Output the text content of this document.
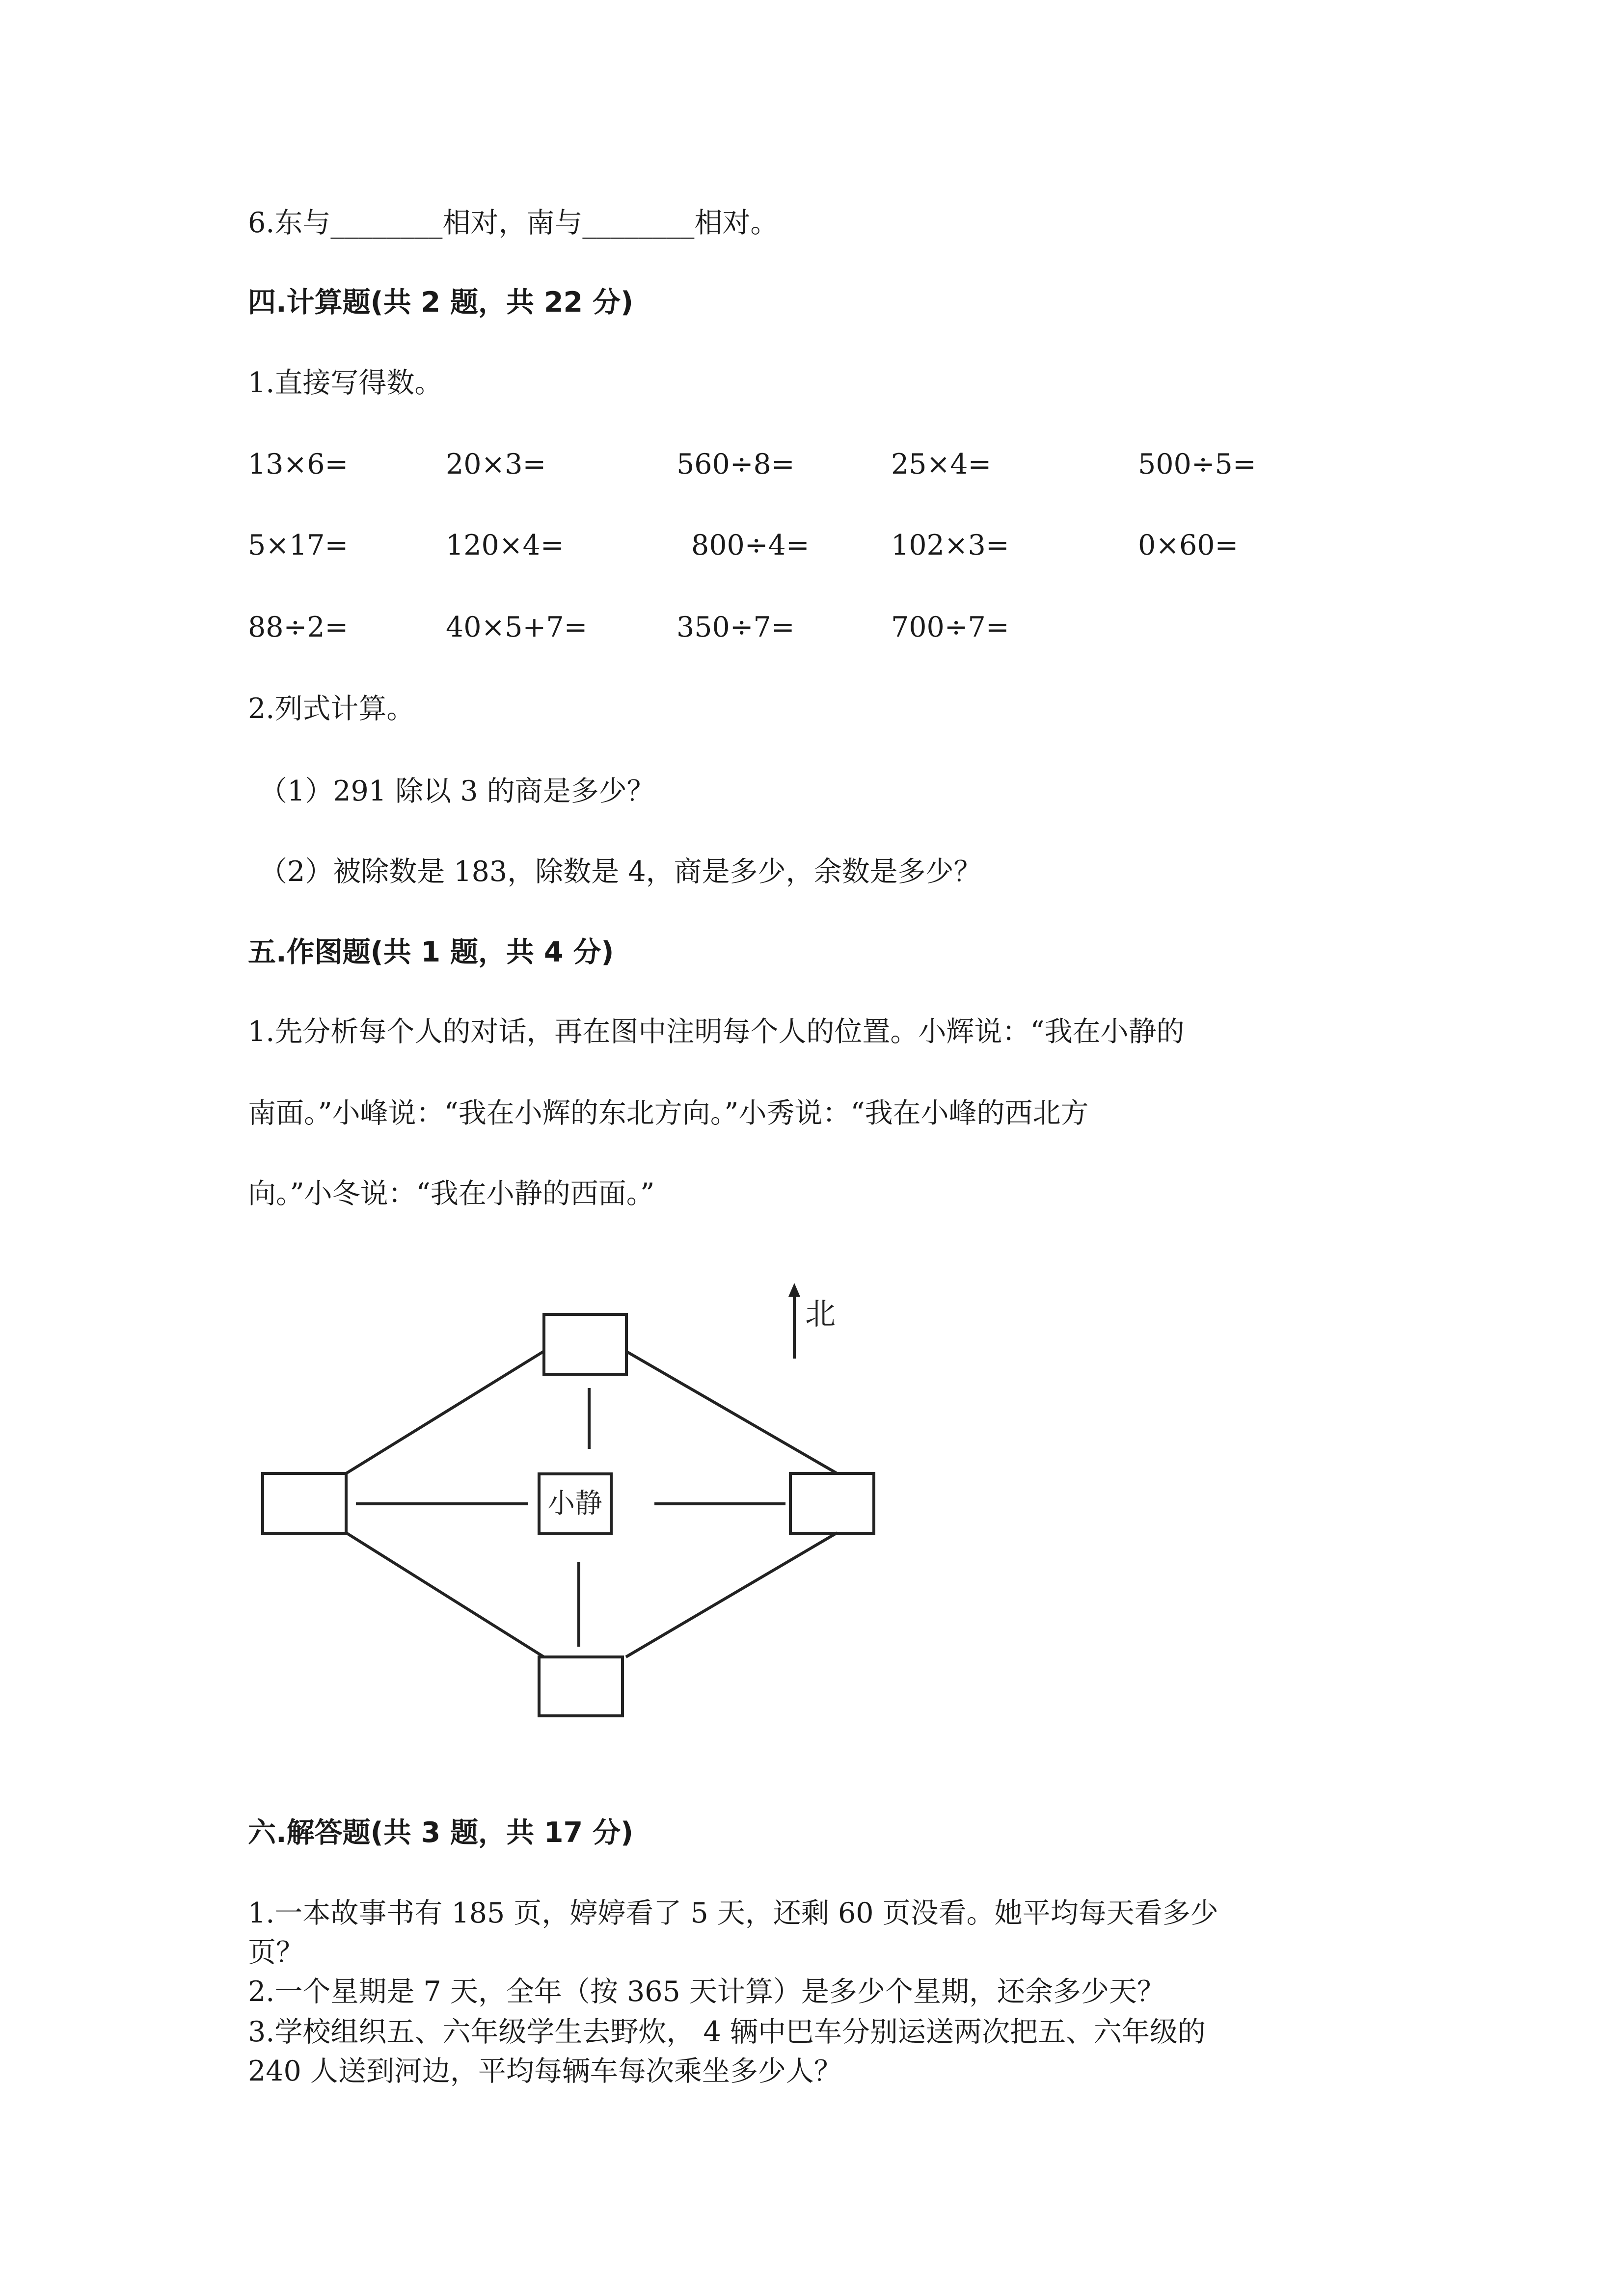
6.东与________相对，南与________相对。
四.计算题(共 2 题，共 22 分)
1.直接写得数。
13×6=	20×3=	560÷8=	25×4=	500÷5=
5×17=	120×4=	800÷4=	102×3=	0×60=
88÷2=	40×5+7=	350÷7=	700÷7=
2.列式计算。
（1）291 除以 3 的商是多少？
（2）被除数是 183，除数是 4，商是多少，余数是多少？
五.作图题(共 1 题，共 4 分)
1.先分析每个人的对话，再在图中注明每个人的位置。小辉说：“我在小静的
南面。”小峰说：“我在小辉的东北方向。”小秀说：“我在小峰的西北方
向。”小冬说：“我在小静的西面。”
北
小静
六.解答题(共 3 题，共 17 分)
1.一本故事书有 185 页，婷婷看了 5 天，还剩 60 页没看。她平均每天看多少
页？
2.一个星期是 7 天，全年（按 365 天计算）是多少个星期，还余多少天？
3.学校组织五、六年级学生去野炊， 4 辆中巴车分别运送两次把五、六年级的
240 人送到河边，平均每辆车每次乘坐多少人？
